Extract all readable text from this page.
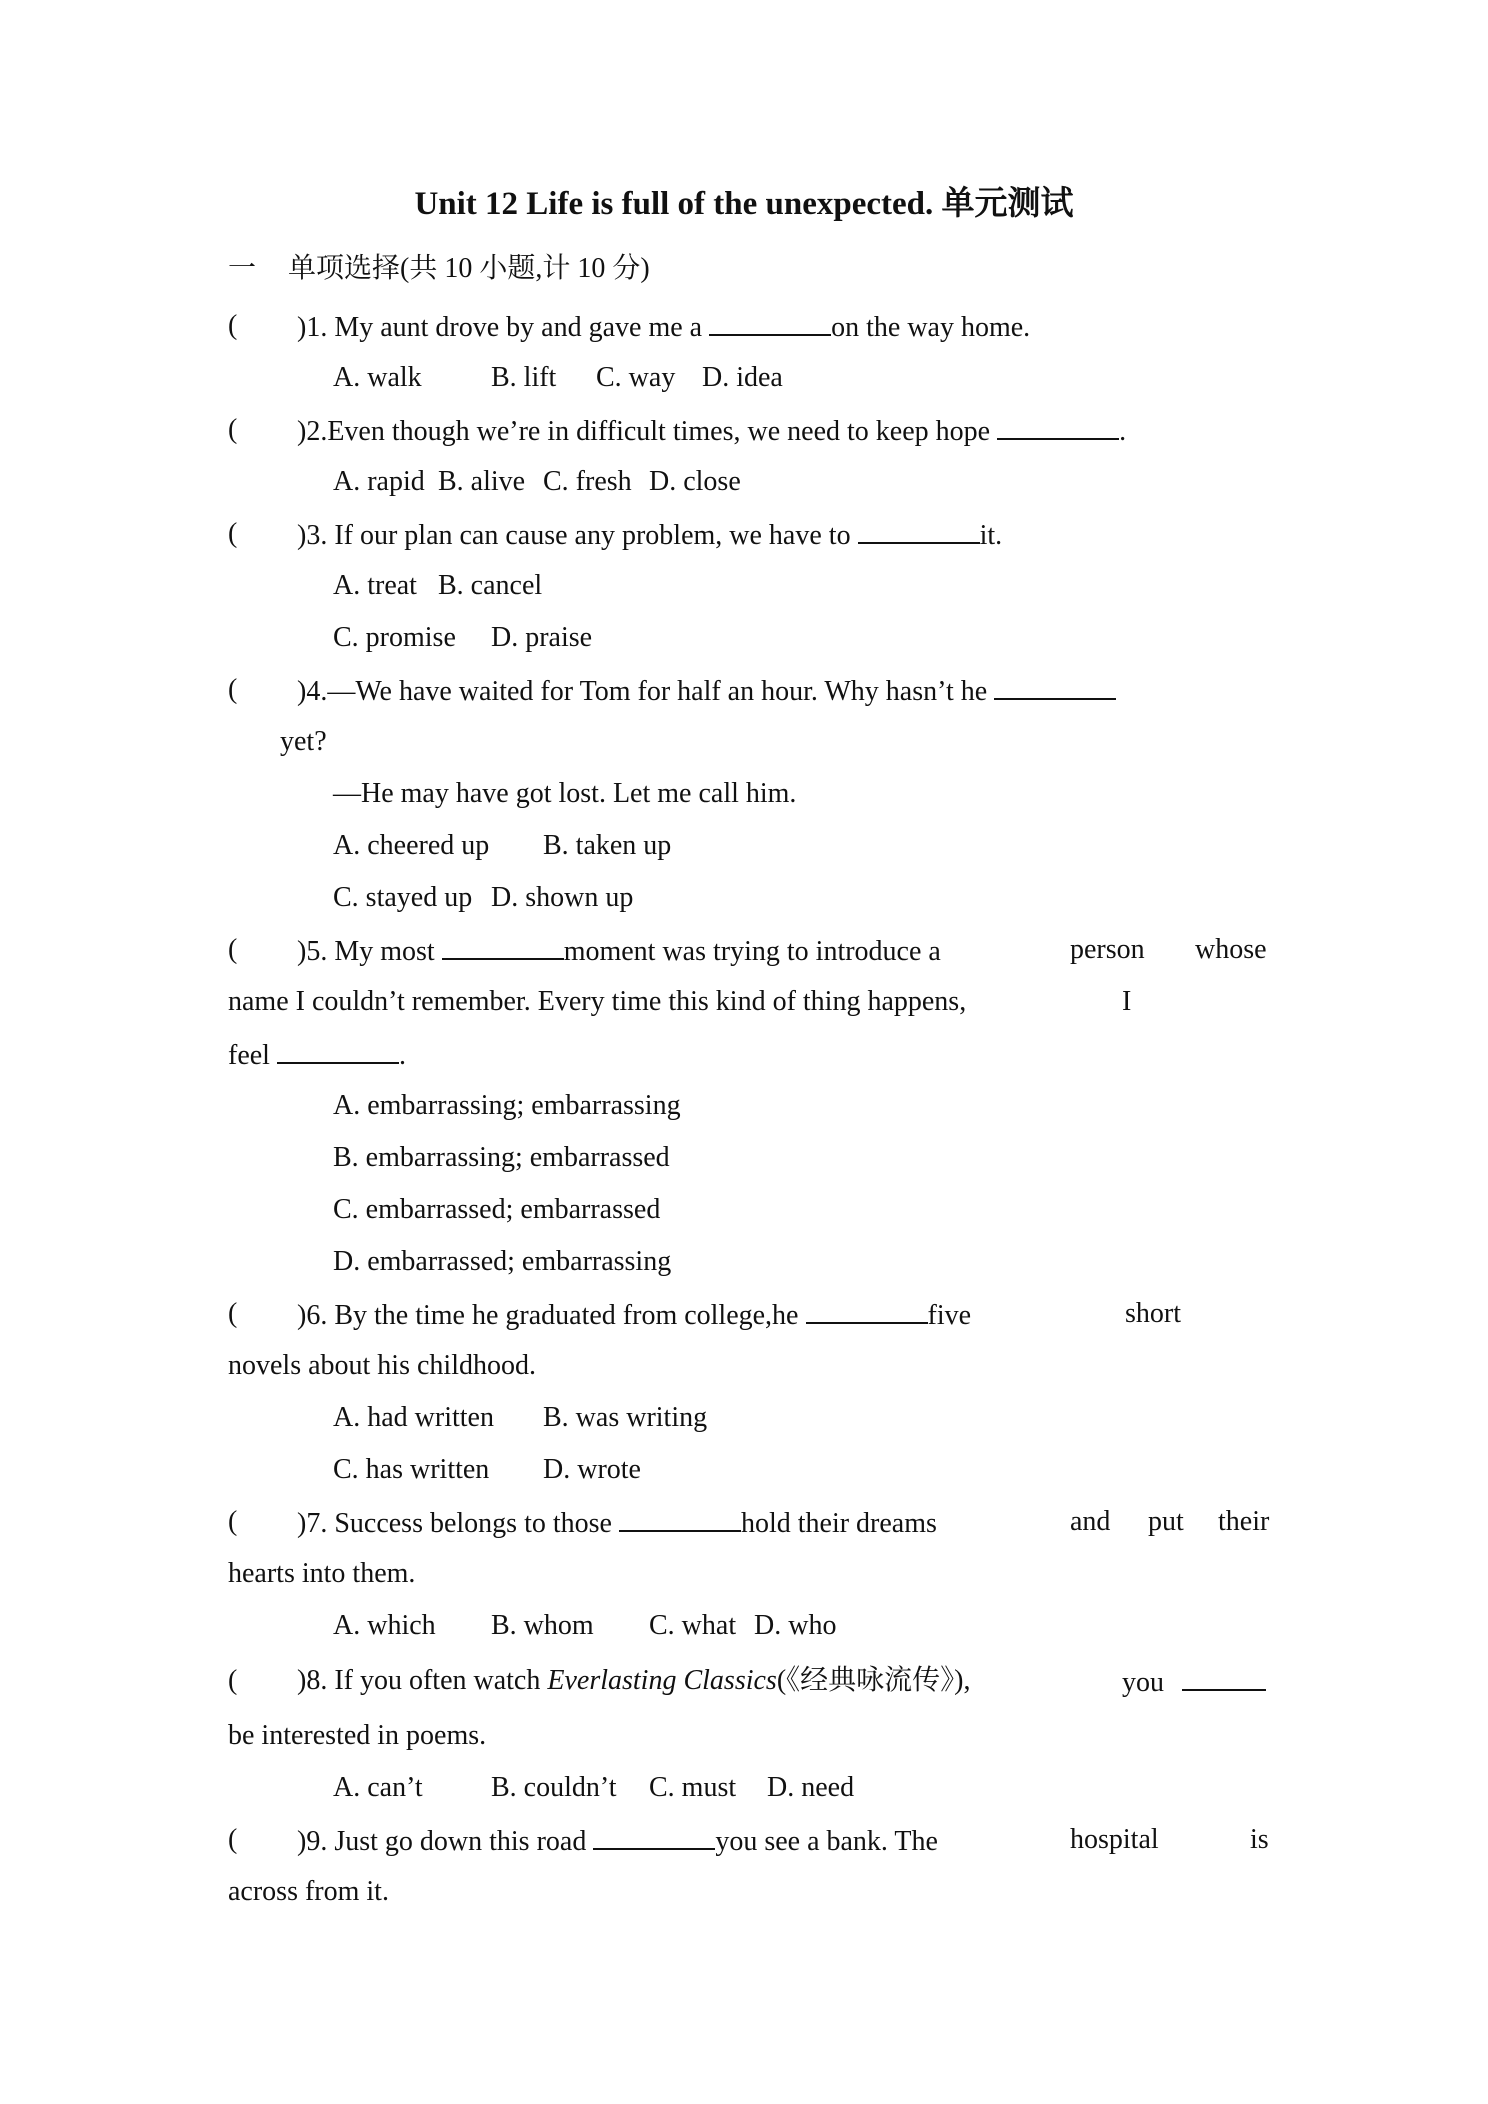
Unit 12 Life is full of the unexpected. 单元测试
一 单项选择(共 10 小题,计 10 分)
( )1. My aunt drove by and gave me a	on the way home.
A. walk B. lift C. way D. idea
( )2.Even though we’re in difficult times, we need to keep hope	.
A. rapid B. alive C. fresh D. close
( )3. If our plan can cause any problem, we have to	it.
A. treat B. cancel
C. promise D. praise
( )4.—We have waited for Tom for half an hour. Why hasn’t he
yet?
—He may have got lost. Let me call him.
A. cheered up B. taken up
C. stayed up D. shown up
( )5. My most	moment was trying to introduce a	person whose
name I couldn’t remember. Every time this kind of thing happens,	I
feel	.
A. embarrassing; embarrassing
B. embarrassing; embarrassed
C. embarrassed; embarrassed
D. embarrassed; embarrassing
( )6. By the time he graduated from college,he	five	short
novels about his childhood.
A. had written B. was writing
C. has written D. wrote
( )7. Success belongs to those	hold their dreams	and put their
hearts into them.
A. which B. whom C. what D. who
( )8. If you often watch Everlasting Classics(《经典咏流传》),	you
be interested in poems.
A. can’t B. couldn’t C. must D. need
( )9. Just go down this road	you see a bank. The	hospital	is
across from it.
